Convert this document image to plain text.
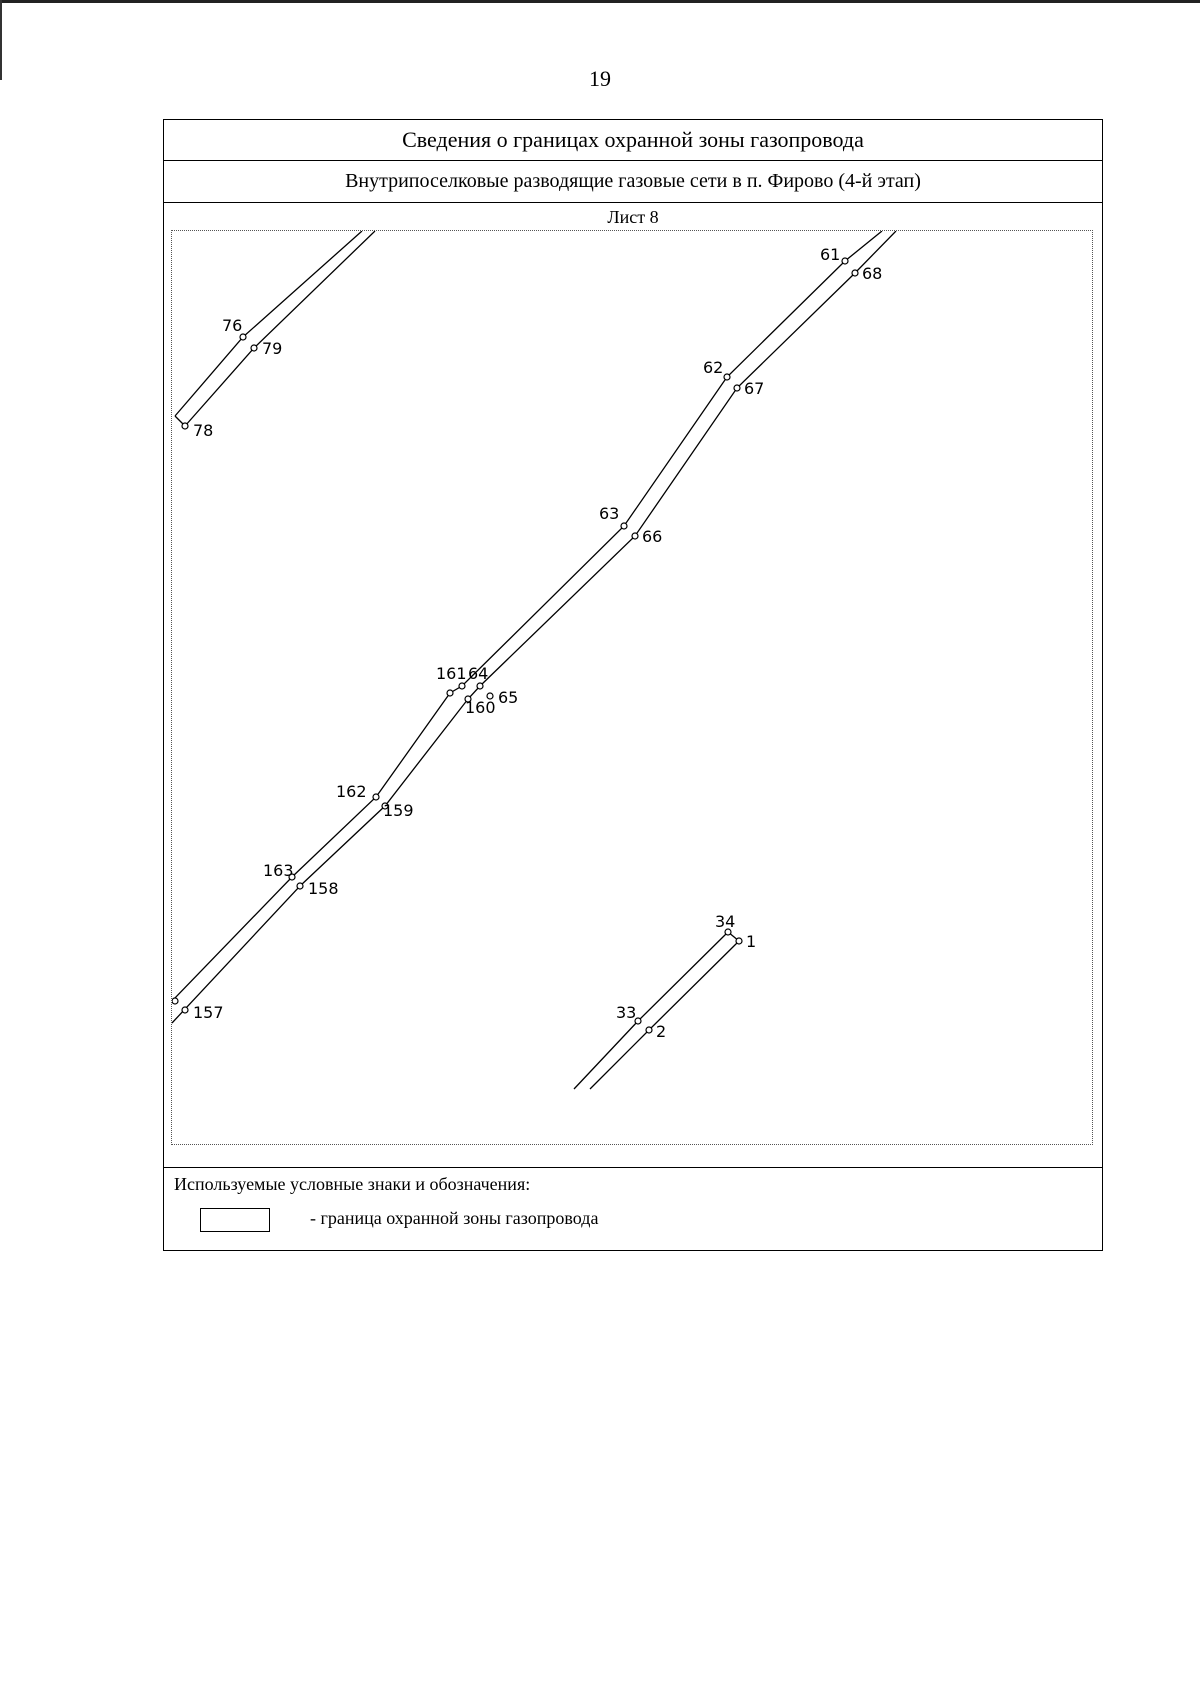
19
Сведения о границах охранной зоны газопровода
Внутрипоселковые разводящие газовые сети в п. Фирово (4-й этап)
Лист 8
76
79
78
61
68
62
67
63
66
161 64
160
65
162
159
163
158
157
34
1
33
2
Используемые условные знаки и обозначения:
- граница охранной зоны газопровода
